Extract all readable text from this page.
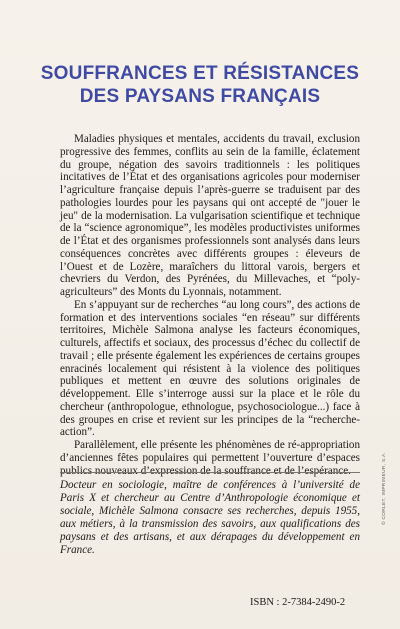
SOUFFRANCES ET RÉSISTANCES
DES PAYSANS FRANÇAIS

Maladies physiques et mentales, accidents du travail, exclusion progressive des femmes, conflits au sein de la famille, éclatement du groupe, négation des savoirs traditionnels : les politiques incitatives de l’État et des organisations agricoles pour moderniser l’agriculture française depuis l’après-guerre se traduisent par des pathologies lourdes pour les paysans qui ont accepté de "jouer le jeu" de la modernisation. La vulgarisation scientifique et technique de la “science agronomique”, les modèles productivistes uniformes de l’État et des organismes professionnels sont analysés dans leurs conséquences concrètes avec différents groupes : éleveurs de l’Ouest et de Lozère, maraîchers du littoral varois, bergers et chevriers du Verdon, des Pyrénées, du Millevaches, et “poly-agriculteurs” des Monts du Lyonnais, notamment.

En s’appuyant sur de recherches “au long cours”, des actions de formation et des interventions sociales “en réseau” sur différents territoires, Michèle Salmona analyse les facteurs économiques, culturels, affectifs et sociaux, des processus d’échec du collectif de travail ; elle présente également les expériences de certains groupes enracinés localement qui résistent à la violence des politiques publiques et mettent en œuvre des solutions originales de développement. Elle s’interroge aussi sur la place et le rôle du chercheur (anthropologue, ethnologue, psychosociologue...) face à des groupes en crise et revient sur les principes de la “recherche-action”.

Parallèlement, elle présente les phénomènes de ré-appropriation d’anciennes fêtes populaires qui permettent l’ouverture d’espaces publics nouveaux d’expression de la souffrance et de l’espérance.

Docteur en sociologie, maître de conférences à l’université de Paris X et chercheur au Centre d’Anthropologie économique et sociale, Michèle Salmona consacre ses recherches, depuis 1955, aux métiers, à la transmission des savoirs, aux qualifications des paysans et des artisans, et aux dérapages du développement en France.

ISBN : 2-7384-2490-2
© CORLET, IMPRIMEUR, S.A.
